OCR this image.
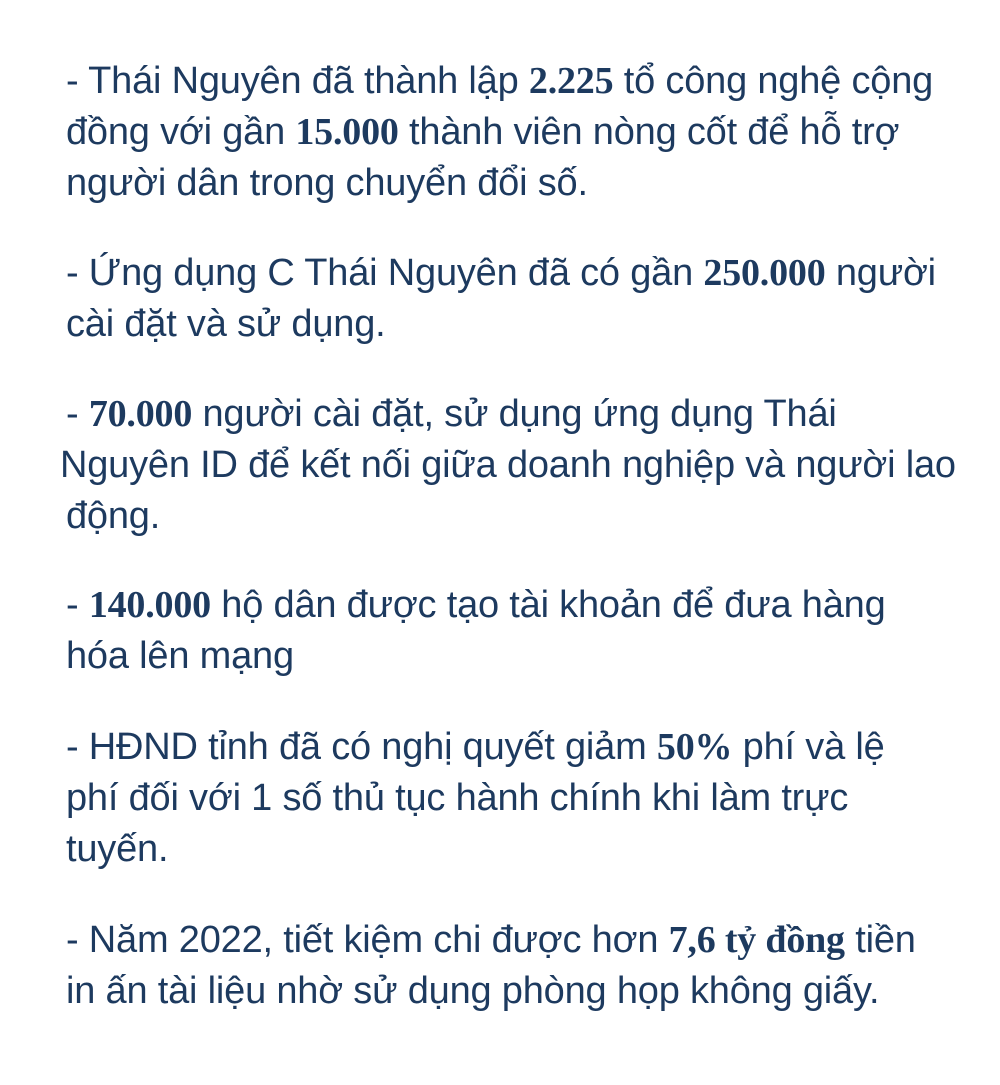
- Thái Nguyên đã thành lập 2.225 tổ công nghệ cộng
đồng với gần 15.000 thành viên nòng cốt để hỗ trợ
người dân trong chuyển đổi số.

- Ứng dụng C Thái Nguyên đã có gần 250.000 người
cài đặt và sử dụng.

- 70.000 người cài đặt, sử dụng ứng dụng Thái
Nguyên ID để kết nối giữa doanh nghiệp và người lao
động.

- 140.000 hộ dân được tạo tài khoản để đưa hàng
hóa lên mạng

- HĐND tỉnh đã có nghị quyết giảm 50% phí và lệ
phí đối với 1 số thủ tục hành chính khi làm trực
tuyến.

- Năm 2022, tiết kiệm chi được hơn 7,6 tỷ đồng tiền
in ấn tài liệu nhờ sử dụng phòng họp không giấy.
